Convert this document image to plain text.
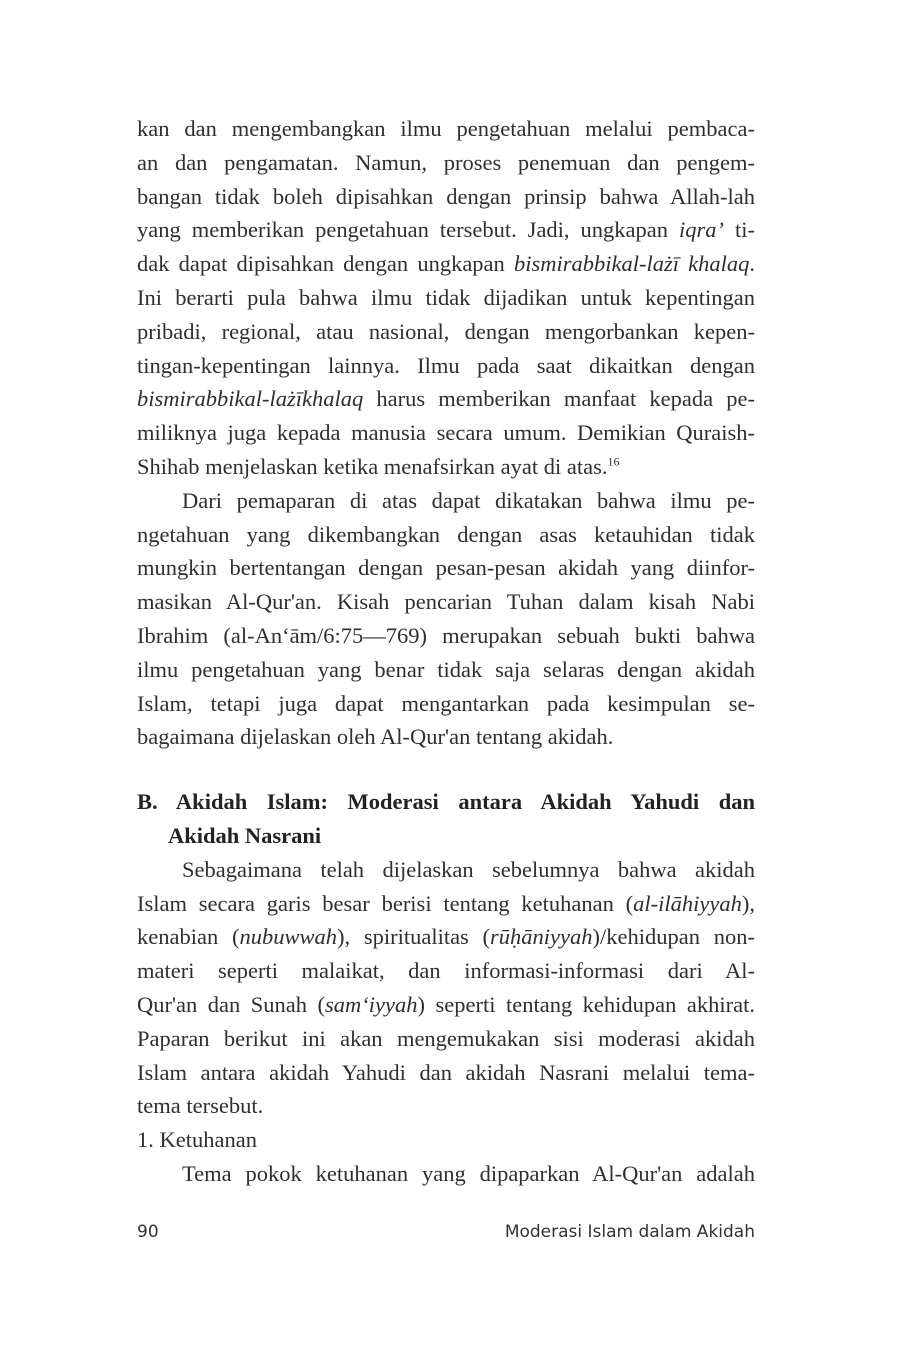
kan dan mengembangkan ilmu pengetahuan melalui pembaca-
an dan pengamatan. Namun, proses penemuan dan pengem-
bangan tidak boleh dipisahkan dengan prinsip bahwa Allah-lah
yang memberikan pengetahuan tersebut. Jadi, ungkapan iqra’ ti-
dak dapat dipisahkan dengan ungkapan bismirabbikal-lażī khalaq.
Ini berarti pula bahwa ilmu tidak dijadikan untuk kepentingan
pribadi, regional, atau nasional, dengan mengorbankan kepen-
tingan-kepentingan lainnya. Ilmu pada saat dikaitkan dengan
bismirabbikal-lażīkhalaq harus memberikan manfaat kepada pe-
miliknya juga kepada manusia secara umum. Demikian Quraish-
Shihab menjelaskan ketika menafsirkan ayat di atas.$^{16}$
Dari pemaparan di atas dapat dikatakan bahwa ilmu pe-
ngetahuan yang dikembangkan dengan asas ketauhidan tidak
mungkin bertentangan dengan pesan-pesan akidah yang diinfor-
masikan Al-Qur'an. Kisah pencarian Tuhan dalam kisah Nabi
Ibrahim (al-An‘ām/6:75—769) merupakan sebuah bukti bahwa
ilmu pengetahuan yang benar tidak saja selaras dengan akidah
Islam, tetapi juga dapat mengantarkan pada kesimpulan se-
bagaimana dijelaskan oleh Al-Qur'an tentang akidah.
B. Akidah Islam: Moderasi antara Akidah Yahudi dan
Akidah Nasrani
Sebagaimana telah dijelaskan sebelumnya bahwa akidah
Islam secara garis besar berisi tentang ketuhanan (al-ilāhiyyah),
kenabian (nubuwwah), spiritualitas (rūḥāniyyah)/kehidupan non-
materi seperti malaikat, dan informasi-informasi dari Al-
Qur'an dan Sunah (sam‘iyyah) seperti tentang kehidupan akhirat.
Paparan berikut ini akan mengemukakan sisi moderasi akidah
Islam antara akidah Yahudi dan akidah Nasrani melalui tema-
tema tersebut.
1. Ketuhanan
Tema pokok ketuhanan yang dipaparkan Al-Qur'an adalah
90	Moderasi Islam dalam Akidah
